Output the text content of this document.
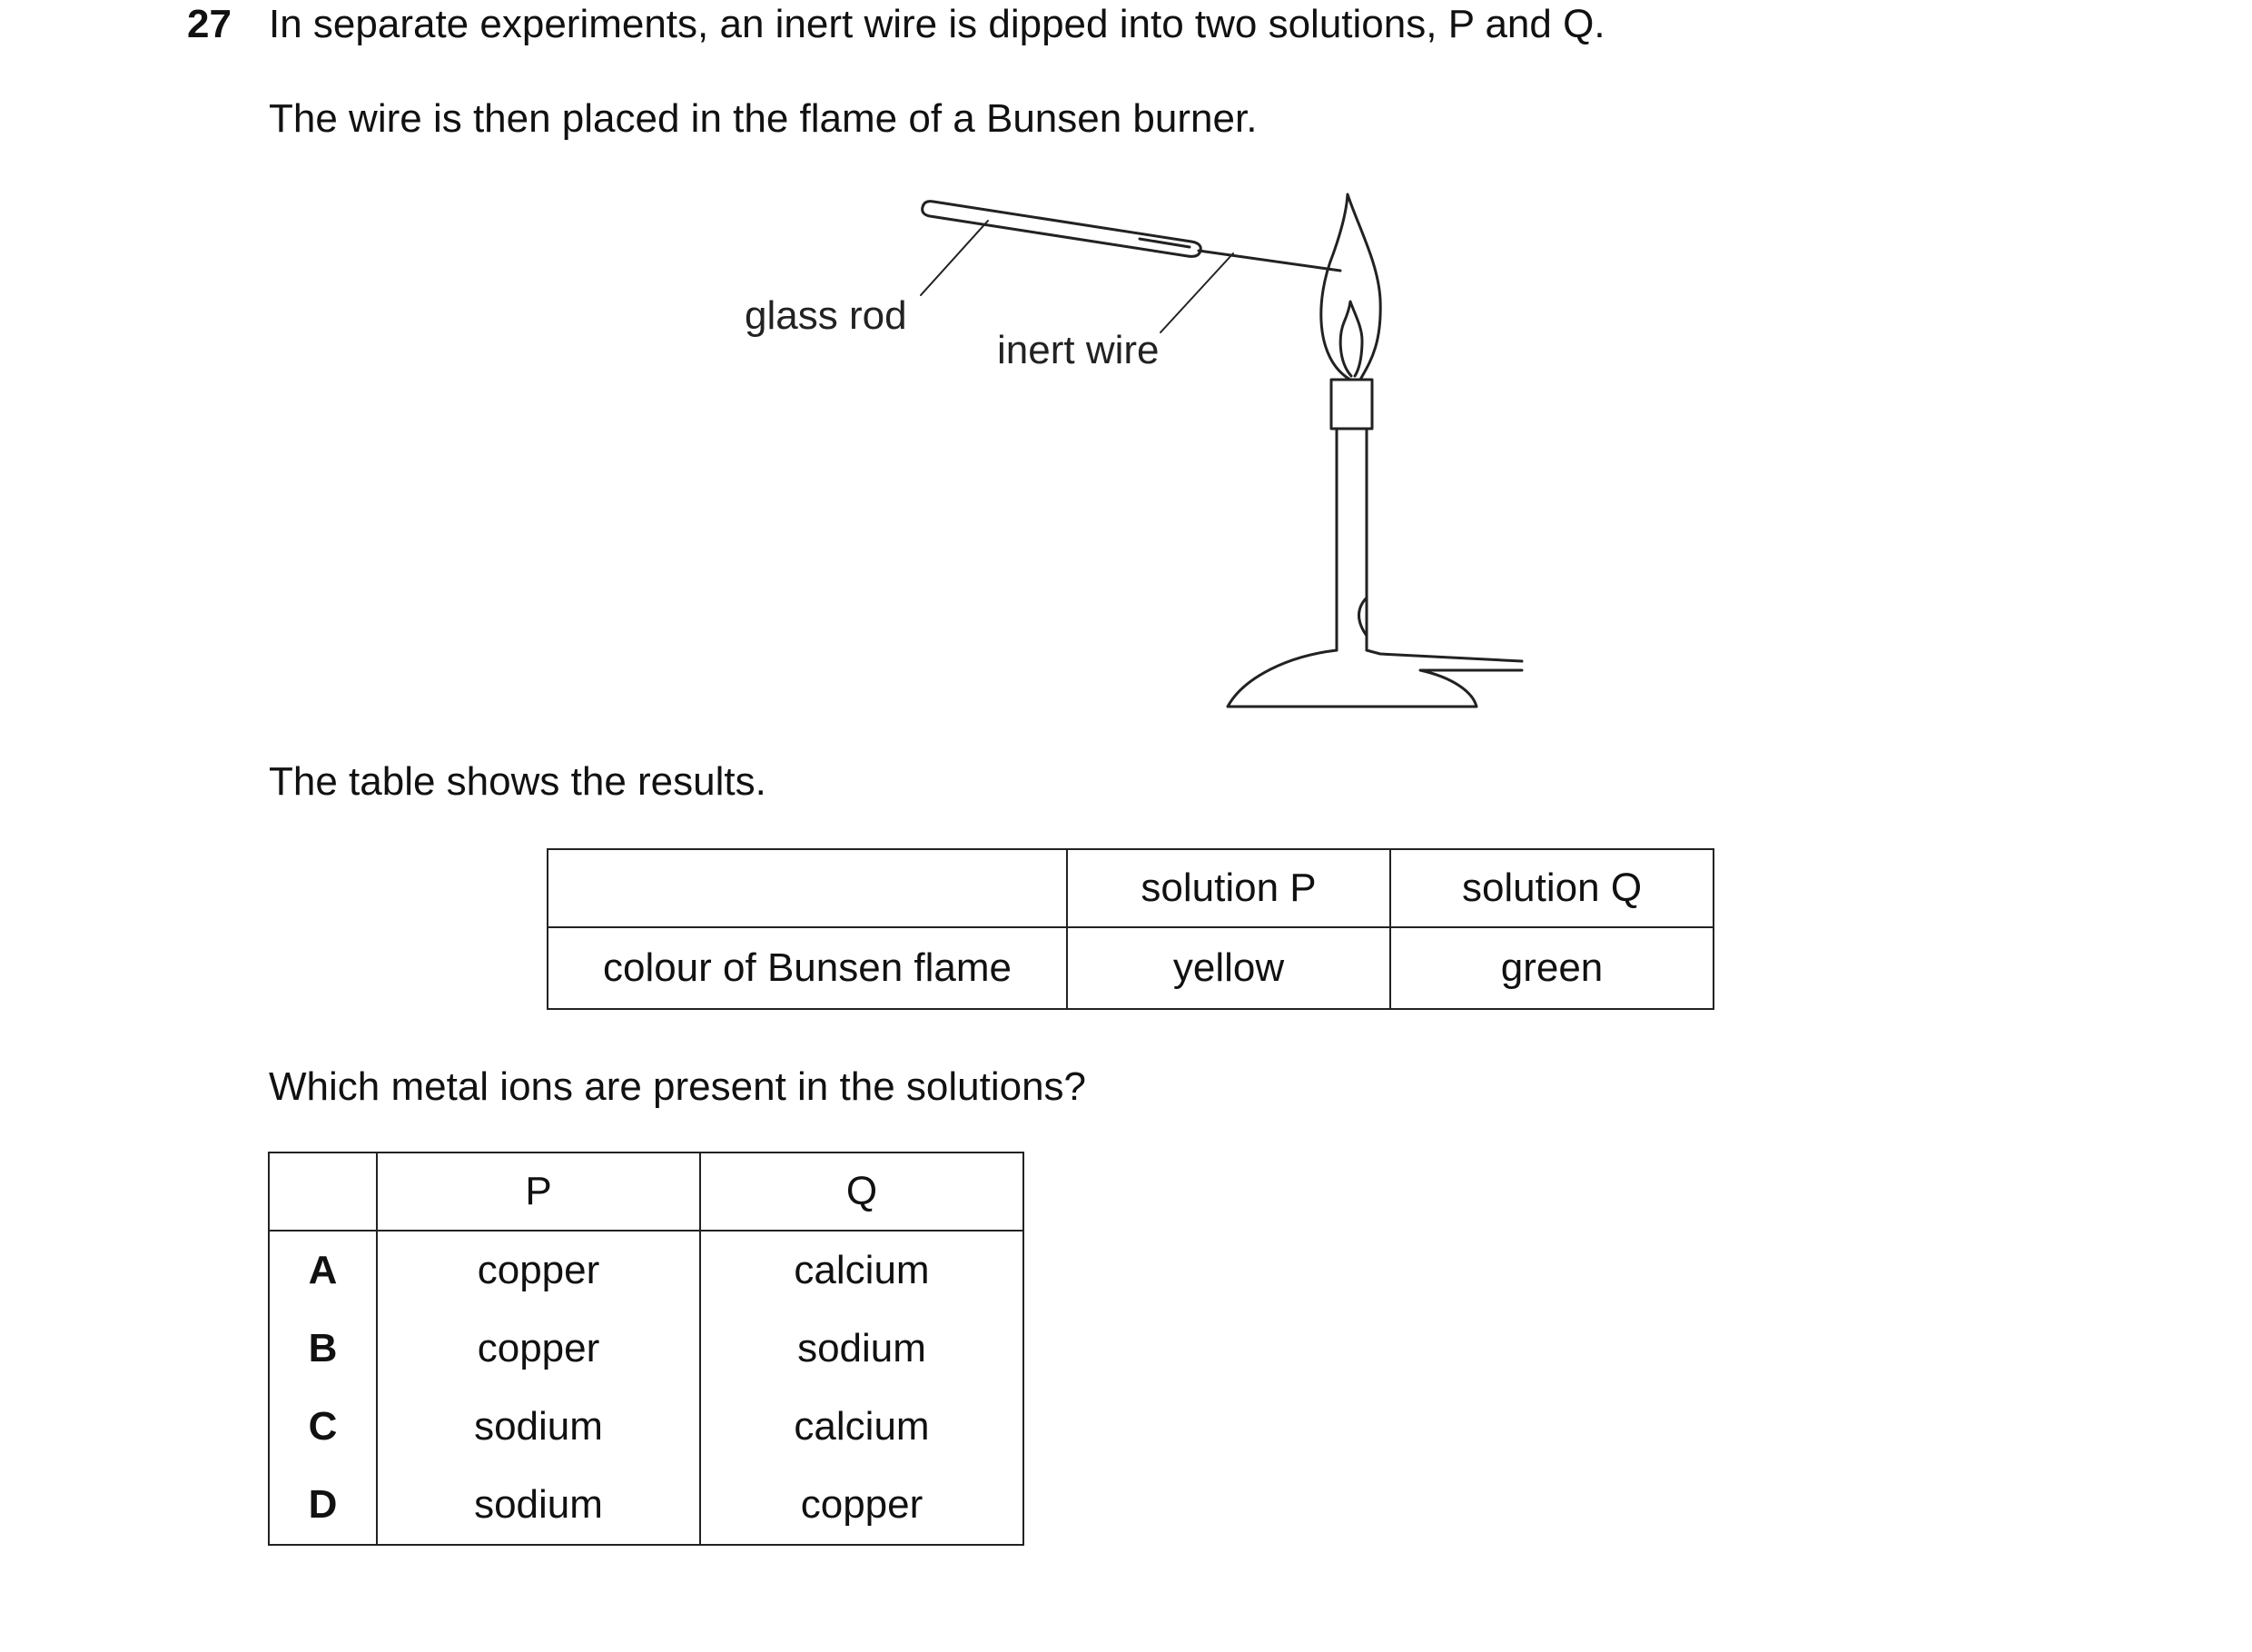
27 In separate experiments, an inert wire is dipped into two solutions, P and Q.
The wire is then placed in the flame of a Bunsen burner.
glass rod
inert wire
The table shows the results.
	solution P	solution Q
colour of Bunsen flame	yellow	green
Which metal ions are present in the solutions?
	P	Q
A	copper	calcium
B	copper	sodium
C	sodium	calcium
D	sodium	copper
